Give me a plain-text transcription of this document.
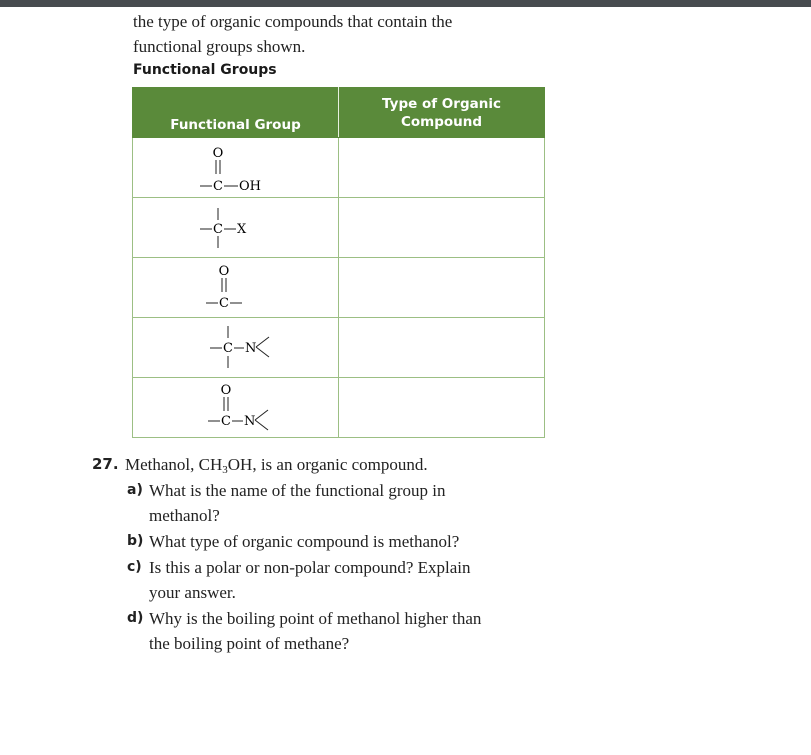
the type of organic compounds that contain the
functional groups shown.
Functional Groups
Functional Group	Type of Organic
Compound

O
C OH	

C X	

O
C	

C N	

O
C N	

27. Methanol, $CH_3OH$, is an organic compound.
a) What is the name of the functional group in
methanol?
b) What type of organic compound is methanol?
c) Is this a polar or non-polar compound? Explain
your answer.
d) Why is the boiling point of methanol higher than
the boiling point of methane?
